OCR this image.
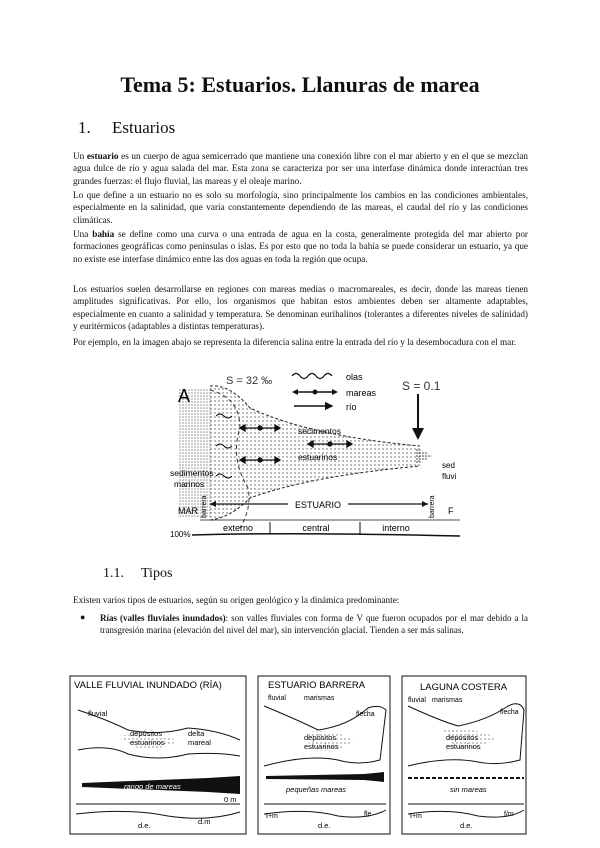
Tema 5: Estuarios. Llanuras de marea
1. Estuarios

Un estuario es un cuerpo de agua semicerrado que mantiene una conexión libre con el mar abierto y en el que se mezclan agua dulce de río y agua salada del mar. Esta zona se caracteriza por ser una interfase dinámica donde interactúan tres grandes fuerzas: el flujo fluvial, las mareas y el oleaje marino.

Lo que define a un estuario no es solo su morfología, sino principalmente los cambios en las condiciones ambientales, especialmente en la salinidad, que varía constantemente dependiendo de las mareas, el caudal del río y las condiciones climáticas.

Una bahía se define como una curva o una entrada de agua en la costa, generalmente protegida del mar abierto por formaciones geográficas como penínsulas o islas. Es por esto que no toda la bahía se puede considerar un estuario, ya que no existe ese interfase dinámico entre las dos aguas en toda la región que ocupa.

Los estuarios suelen desarrollarse en regiones con mareas medias o macromareales, es decir, donde las mareas tienen amplitudes significativas. Por ello, los organismos que habitan estos ambientes deben ser altamente adaptables, especialmente en cuanto a salinidad y temperatura. Se denominan eurihalinos (tolerantes a diferentes niveles de salinidad) y euritérmicos (adaptables a distintas temperaturas).

Por ejemplo, en la imagen abajo se representa la diferencia salina entre la entrada del río y la desembocadura con el mar.

A
S = 32 ‰	S = 0.1
olas
mareas
río
secimentos
estuarinos
sedimentos
marinos
sed
fluvi
MAR
ESTUARIO
barrera	barrera F
externo	central	interno
100%
1.1. Tipos

Existen varios tipos de estuarios, según su origen geológico y la dinámica predominante:

● Rías (valles fluviales inundados): son valles fluviales con forma de V que fueron ocupados por el mar debido a la transgresión marina (elevación del nivel del mar), sin intervención glacial. Tienden a ser más salinas.
VALLE FLUVIAL INUNDADO (RÍA)
fluvial
depósitos
estuarinos
delta
mareal
rango de mareas
0 m
d.e.	d.m
ESTUARIO BARRERA
fluvial	marismas
flecha
depósitos
estuarinos
pequeñas mareas
t+m	fle
d.e.
LAGUNA COSTERA
fluvial marismas
flecha
depósitos
estuarinos
sin mareas
t+m	f/m
d.e.
